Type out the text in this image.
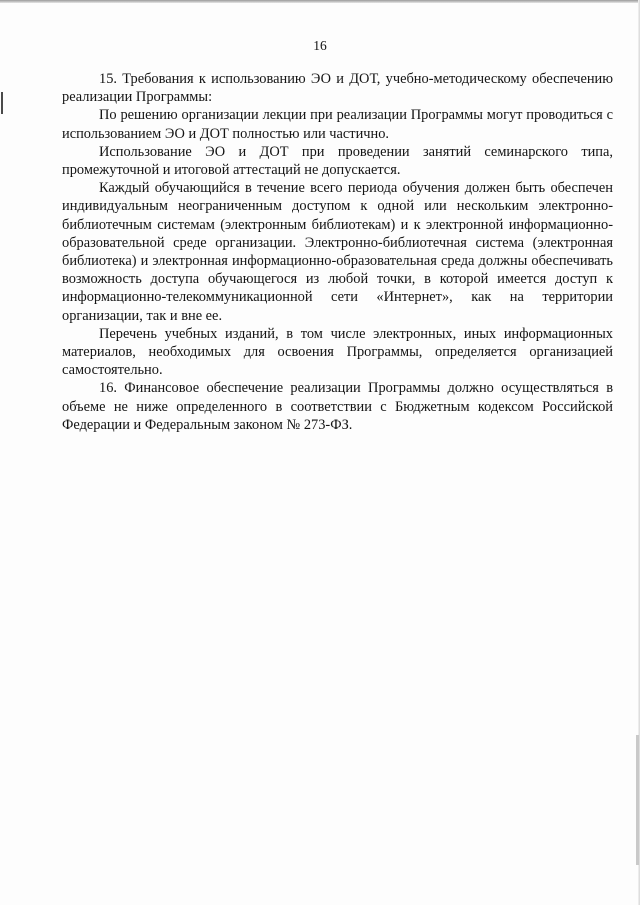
16

15. Требования к использованию ЭО и ДОТ, учебно-методическому обеспечению реализации Программы:

По решению организации лекции при реализации Программы могут проводиться с использованием ЭО и ДОТ полностью или частично.

Использование ЭО и ДОТ при проведении занятий семинарского типа, промежуточной и итоговой аттестаций не допускается.

Каждый обучающийся в течение всего периода обучения должен быть обеспечен индивидуальным неограниченным доступом к одной или нескольким электронно-библиотечным системам (электронным библиотекам) и к электронной информационно-образовательной среде организации. Электронно-библиотечная система (электронная библиотека) и электронная информационно-образовательная среда должны обеспечивать возможность доступа обучающегося из любой точки, в которой имеется доступ к информационно-телекоммуникационной сети «Интернет», как на территории организации, так и вне ее.

Перечень учебных изданий, в том числе электронных, иных информационных материалов, необходимых для освоения Программы, определяется организацией самостоятельно.

16. Финансовое обеспечение реализации Программы должно осуществляться в объеме не ниже определенного в соответствии с Бюджетным кодексом Российской Федерации и Федеральным законом № 273-ФЗ.
